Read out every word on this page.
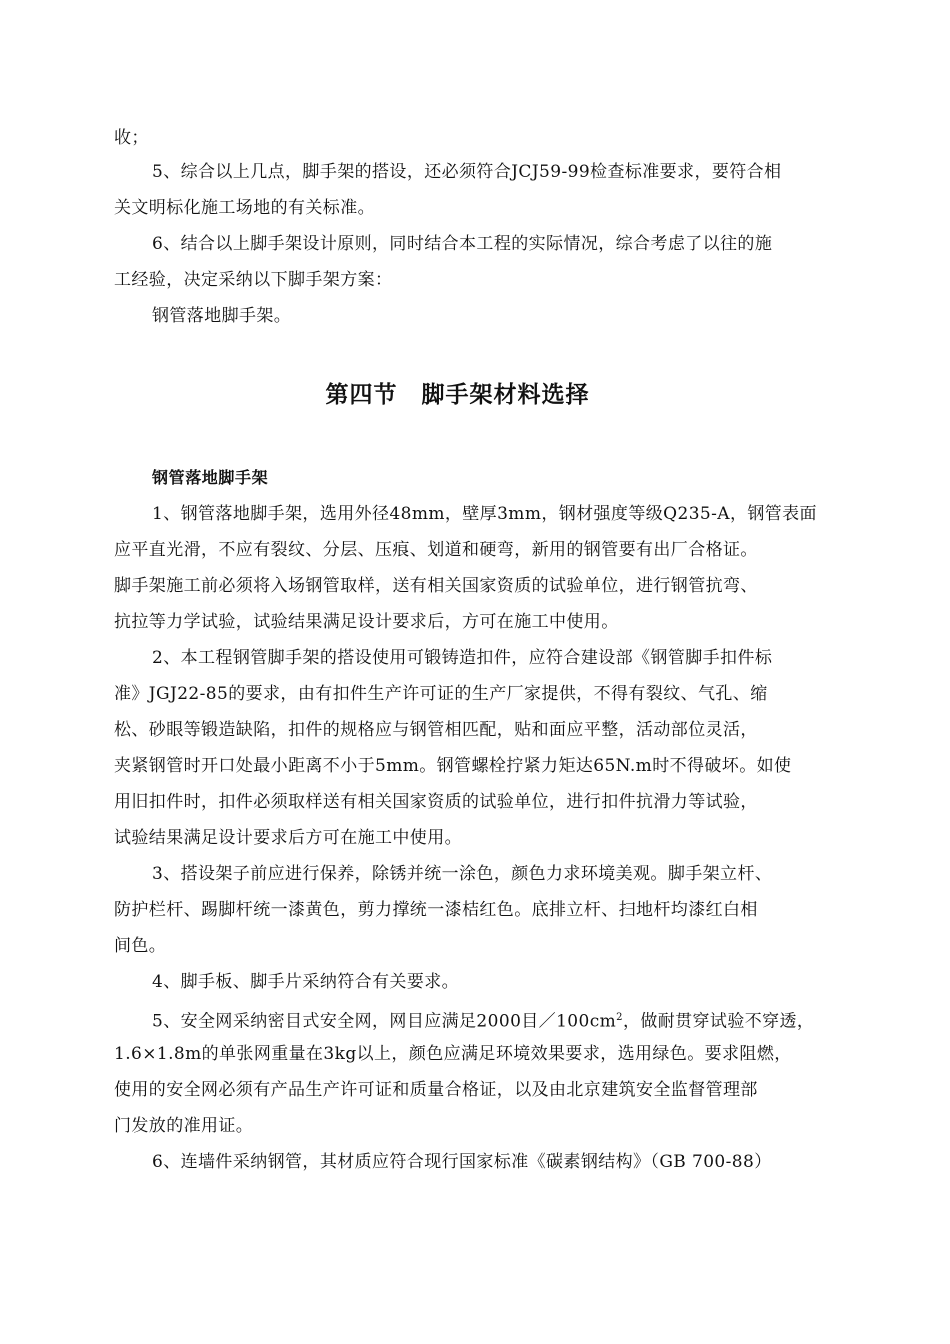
收；
5、综合以上几点，脚手架的搭设，还必须符合JCJ59-99检查标准要求，要符合相
关文明标化施工场地的有关标准。
6、结合以上脚手架设计原则，同时结合本工程的实际情况，综合考虑了以往的施
工经验，决定采纳以下脚手架方案：
钢管落地脚手架。
第四节　脚手架材料选择
钢管落地脚手架
1、钢管落地脚手架，选用外径48mm，壁厚3mm，钢材强度等级Q235-A，钢管表面
应平直光滑，不应有裂纹、分层、压痕、划道和硬弯，新用的钢管要有出厂合格证。
脚手架施工前必须将入场钢管取样，送有相关国家资质的试验单位，进行钢管抗弯、
抗拉等力学试验，试验结果满足设计要求后，方可在施工中使用。
2、本工程钢管脚手架的搭设使用可锻铸造扣件，应符合建设部《钢管脚手扣件标
准》JGJ22-85的要求，由有扣件生产许可证的生产厂家提供，不得有裂纹、气孔、缩
松、砂眼等锻造缺陷，扣件的规格应与钢管相匹配，贴和面应平整，活动部位灵活，
夹紧钢管时开口处最小距离不小于5mm。钢管螺栓拧紧力矩达65N.m时不得破坏。如使
用旧扣件时，扣件必须取样送有相关国家资质的试验单位，进行扣件抗滑力等试验，
试验结果满足设计要求后方可在施工中使用。
3、搭设架子前应进行保养，除锈并统一涂色，颜色力求环境美观。脚手架立杆、
防护栏杆、踢脚杆统一漆黄色，剪力撑统一漆桔红色。底排立杆、扫地杆均漆红白相
间色。
4、脚手板、脚手片采纳符合有关要求。
5、安全网采纳密目式安全网，网目应满足2000目$/100cm^2$，做耐贯穿试验不穿透，
1.6×1.8m的单张网重量在3kg以上，颜色应满足环境效果要求，选用绿色。要求阻燃，
使用的安全网必须有产品生产许可证和质量合格证，以及由北京建筑安全监督管理部
门发放的准用证。
6、连墙件采纳钢管，其材质应符合现行国家标准《碳素钢结构》（GB 700-88）
